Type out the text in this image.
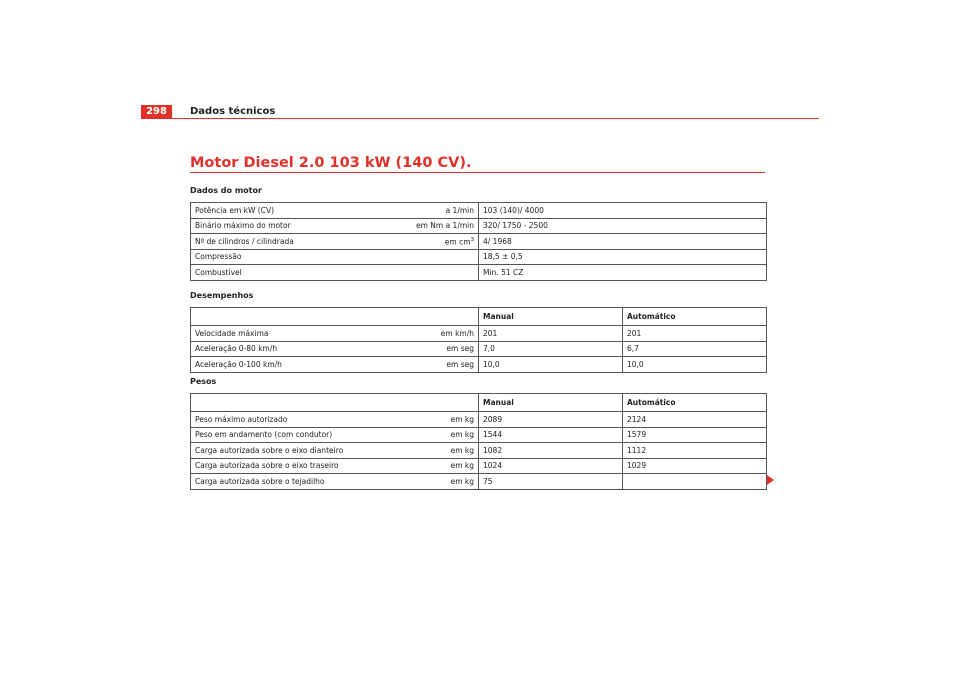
298	Dados técnicos
Motor Diesel 2.0 103 kW (140 CV).
Dados do motor
Potência em kW (CV)	a 1/min	103 (140)/ 4000
Binário máximo do motor	em Nm a 1/min	320/ 1750 - 2500
Nº de cilindros / cilindrada	em $cm^3$	4/ 1968
Compressão		18,5 ± 0,5
Combustível		Min. 51 CZ
Desempenhos
		Manual	Automático
Velocidade máxima	em km/h	201	201
Aceleração 0-80 km/h	em seg	7,0	6,7
Aceleração 0-100 km/h	em seg	10,0	10,0
Pesos
		Manual	Automático
Peso máximo autorizado	em kg	2089	2124
Peso em andamento (com condutor)	em kg	1544	1579
Carga autorizada sobre o eixo dianteiro	em kg	1082	1112
Carga autorizada sobre o eixo traseiro	em kg	1024	1029
Carga autorizada sobre o tejadilho	em kg	75	
